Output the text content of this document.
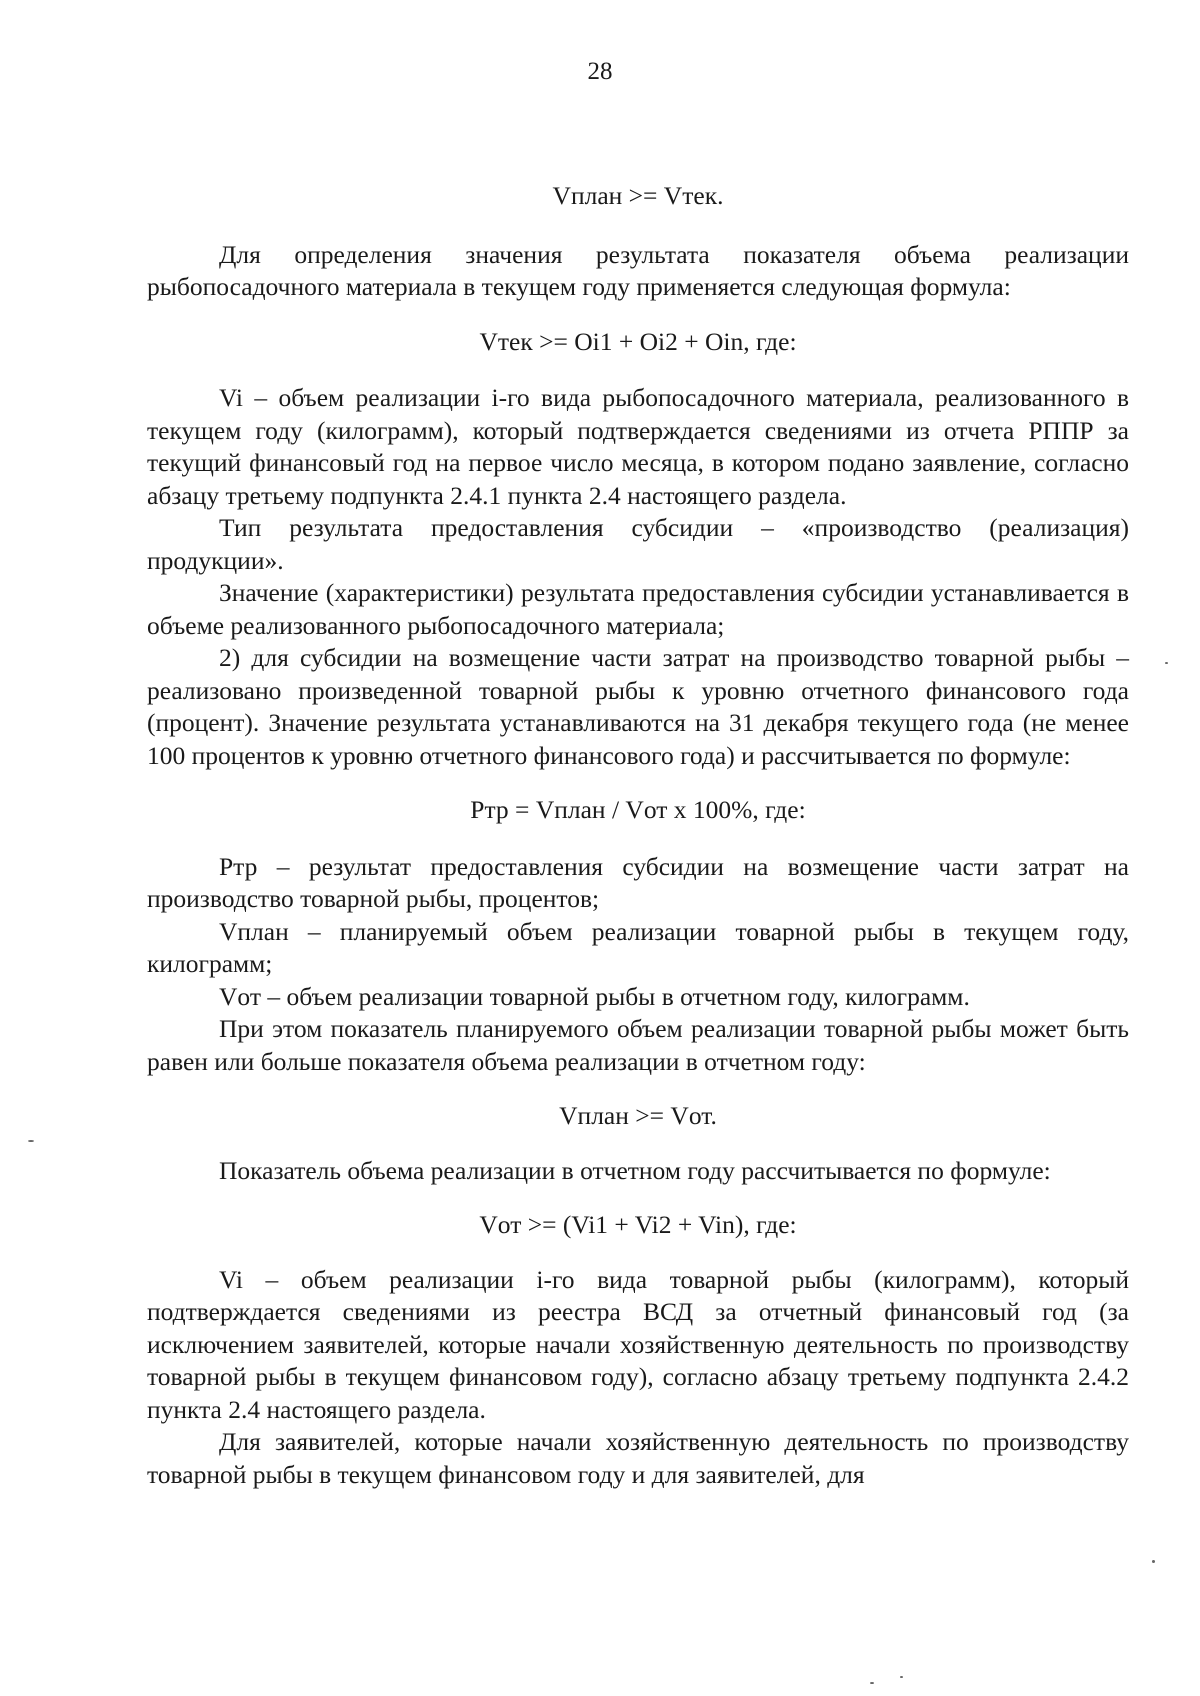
28

Vплан >= Vтек.

Для определения значения результата показателя объема реализации рыбопосадочного материала в текущем году применяется следующая формула:

Vтек >= Oi1 + Oi2 + Oin, где:

Vi – объем реализации i-го вида рыбопосадочного материала, реализованного в текущем году (килограмм), который подтверждается сведениями из отчета РППР за текущий финансовый год на первое число месяца, в котором подано заявление, согласно абзацу третьему подпункта 2.4.1 пункта 2.4 настоящего раздела.

Тип результата предоставления субсидии – «производство (реализация) продукции».

Значение (характеристики) результата предоставления субсидии устанавливается в объеме реализованного рыбопосадочного материала;

2) для субсидии на возмещение части затрат на производство товарной рыбы – реализовано произведенной товарной рыбы к уровню отчетного финансового года (процент). Значение результата устанавливаются на 31 декабря текущего года (не менее 100 процентов к уровню отчетного финансового года) и рассчитывается по формуле:

Ртр = Vплан / Vот х 100%, где:

Ртр – результат предоставления субсидии на возмещение части затрат на производство товарной рыбы, процентов;

Vплан – планируемый объем реализации товарной рыбы в текущем году, килограмм;

Vот – объем реализации товарной рыбы в отчетном году, килограмм.

При этом показатель планируемого объем реализации товарной рыбы может быть равен или больше показателя объема реализации в отчетном году:

Vплан >= Vот.

Показатель объема реализации в отчетном году рассчитывается по формуле:

Vот >= (Vi1 + Vi2 + Vin), где:

Vi – объем реализации i-го вида товарной рыбы (килограмм), который подтверждается сведениями из реестра ВСД за отчетный финансовый год (за исключением заявителей, которые начали хозяйственную деятельность по производству товарной рыбы в текущем финансовом году), согласно абзацу третьему подпункта 2.4.2 пункта 2.4 настоящего раздела.

Для заявителей, которые начали хозяйственную деятельность по производству товарной рыбы в текущем финансовом году и для заявителей, для
